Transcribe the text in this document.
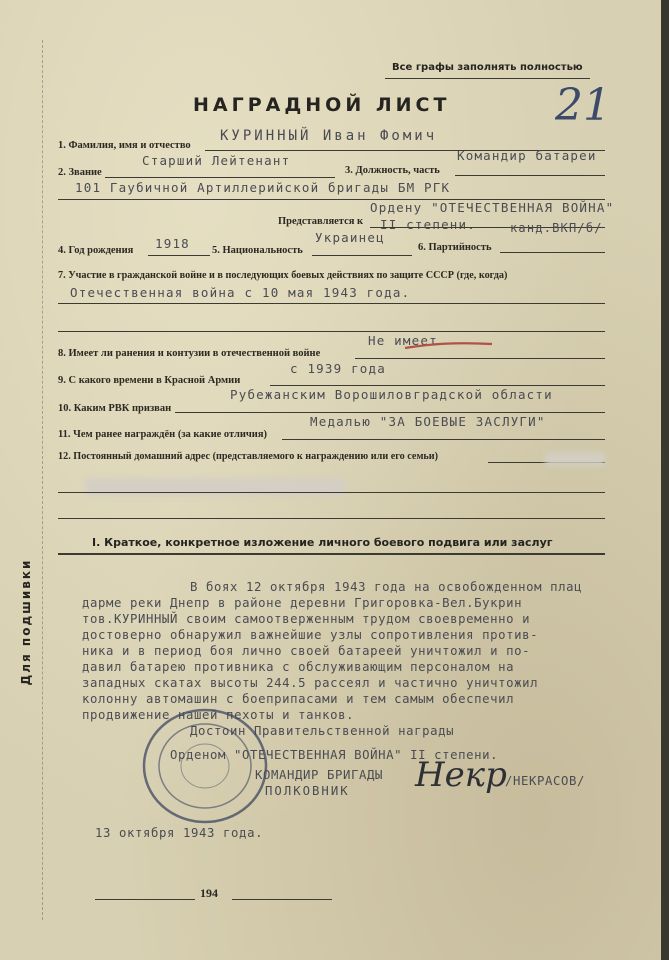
Все графы заполнять полностью
21
НАГРАДНОЙ ЛИСТ
1. Фамилия, имя и отчество
КУРИННЫЙ Иван Фомич
2. Звание
Старший Лейтенант
3. Должность, часть
Командир батареи
101 Гаубичной Артиллерийской бригады БМ РГК
Представляется к
Ордену "ОТЕЧЕСТВЕННАЯ ВОЙНА"
II степени.
4. Год рождения 1918 5. Национальность
Украинец
6. Партийность
канд.ВКП/б/
7. Участие в гражданской войне и в последующих боевых действиях по защите СССР (где, когда)
Отечественная война с 10 мая 1943 года.
8. Имеет ли ранения и контузии в отечественной войне
Не имеет
9. С какого времени в Красной Армии
с 1939 года
10. Каким РВК призван
Рубежанским Ворошиловградской области
11. Чем ранее награждён (за какие отличия)
Медалью "ЗА БОЕВЫЕ ЗАСЛУГИ"
12. Постоянный домашний адрес (представляемого к награждению или его семьи)
I. Краткое, конкретное изложение личного боевого подвига или заслуг
В боях 12 октября 1943 года на освобожденном плац
дарме реки Днепр в районе деревни Григоровка-Вел.Букрин
тов.КУРИННЫЙ своим самоотверженным трудом своевременно и
достоверно обнаружил важнейшие узлы сопротивления против-
ника и в период боя лично своей батареей уничтожил и по-
давил батарею противника с обслуживающим персоналом на
западных скатах высоты 244.5 рассеял и частично уничтожил
колонну автомашин с боеприпасами и тем самым обеспечил
продвижение нашей пехоты и танков.
Достоин Правительственной награды
Орденом "ОТЕЧЕСТВЕННАЯ ВОЙНА" II степени.
КОМАНДИР БРИГАДЫ
ПОЛКОВНИК Некр
/НЕКРАСОВ/
13 октября 1943 года.
194
Для подшивки
